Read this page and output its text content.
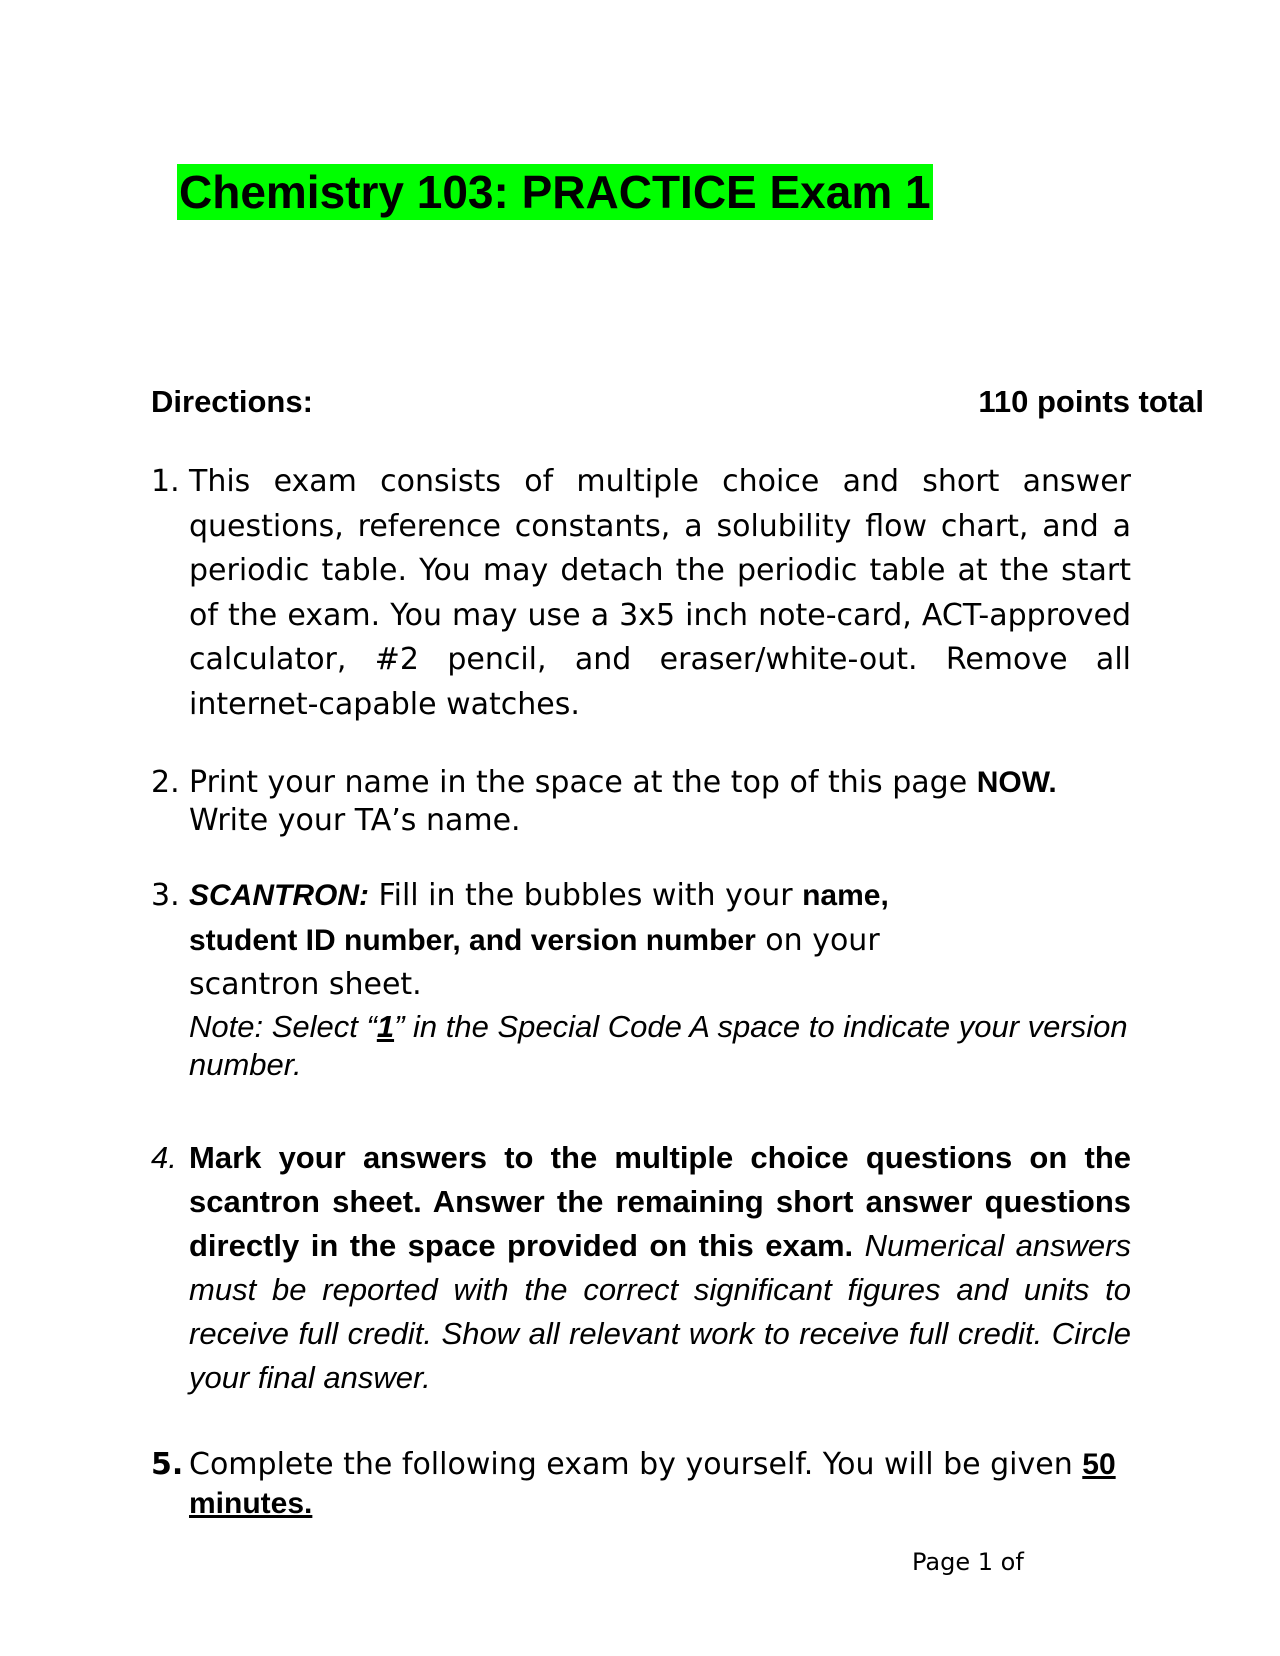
Chemistry 103: PRACTICE Exam 1
Directions:	110 points total
1. This exam consists of multiple choice and short answer questions, reference constants, a solubility flow chart, and a periodic table. You may detach the periodic table at the start of the exam. You may use a 3x5 inch note-card, ACT-approved calculator, #2 pencil, and eraser/white-out. Remove all internet-capable watches.
2. Print your name in the space at the top of this page NOW.
Write your TA’s name.
3. SCANTRON: Fill in the bubbles with your name,
student ID number, and version number on your
scantron sheet.
Note: Select “1” in the Special Code A space to indicate your version number.
4. Mark your answers to the multiple choice questions on the scantron sheet. Answer the remaining short answer questions directly in the space provided on this exam. Numerical answers must be reported with the correct significant figures and units to receive full credit. Show all relevant work to receive full credit. Circle your final answer.
5. Complete the following exam by yourself. You will be given 50
minutes.
Page 1 of
